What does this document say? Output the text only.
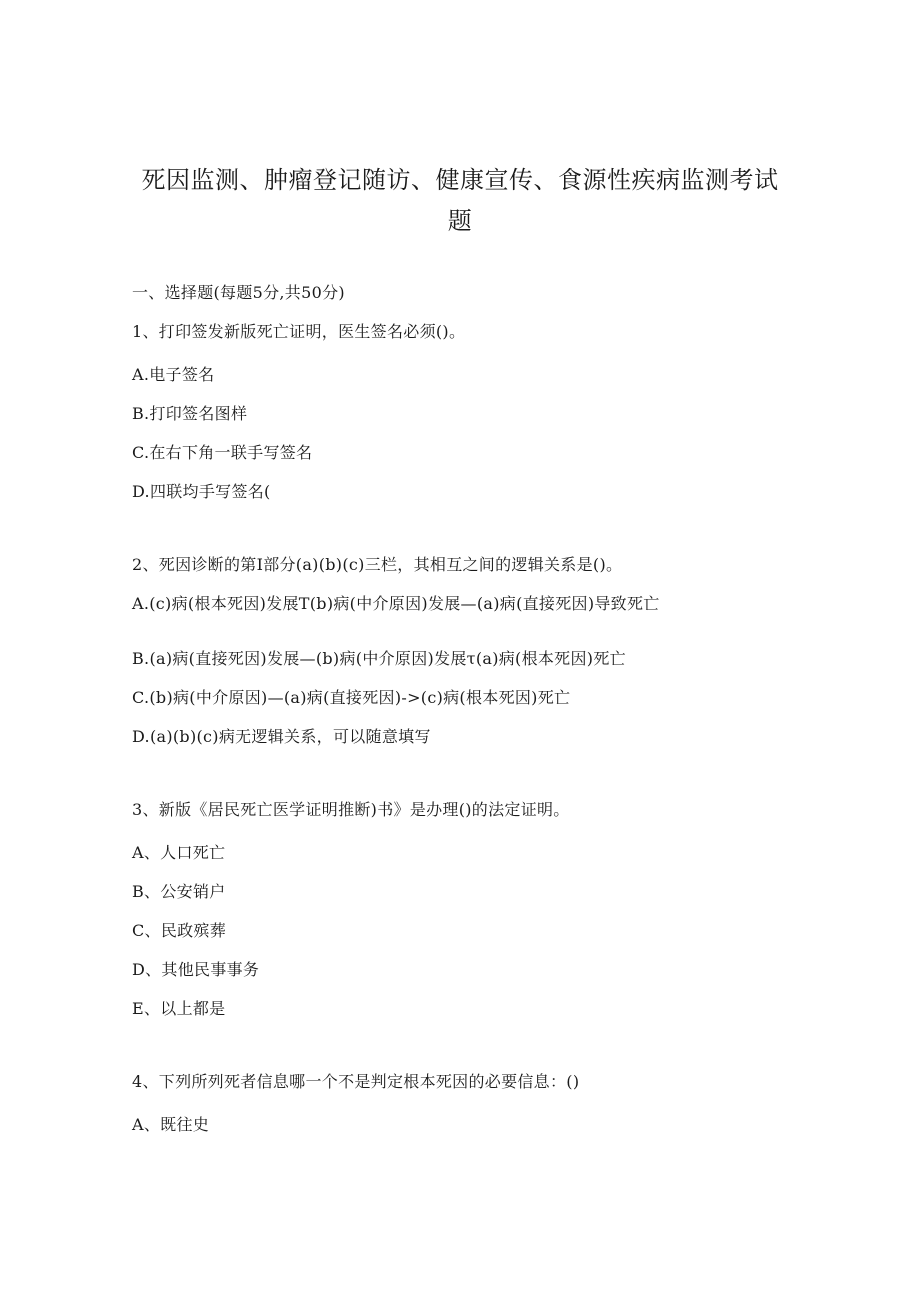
死因监测、肿瘤登记随访、健康宣传、食源性疾病监测考试
题
一、选择题(每题5分,共50分)
1、打印签发新版死亡证明，医生签名必须()。
A.电子签名
B.打印签名图样
C.在右下角一联手写签名
D.四联均手写签名(
2、死因诊断的第I部分(a)(b)(c)三栏，其相互之间的逻辑关系是()。
A.(c)病(根本死因)发展T(b)病(中介原因)发展—(a)病(直接死因)导致死亡
B.(a)病(直接死因)发展—(b)病(中介原因)发展τ(a)病(根本死因)死亡
C.(b)病(中介原因)—(a)病(直接死因)->(c)病(根本死因)死亡
D.(a)(b)(c)病无逻辑关系，可以随意填写
3、新版《居民死亡医学证明推断)书》是办理()的法定证明。
A、人口死亡
B、公安销户
C、民政殡葬
D、其他民事事务
E、以上都是
4、下列所列死者信息哪一个不是判定根本死因的必要信息：()
A、既往史
